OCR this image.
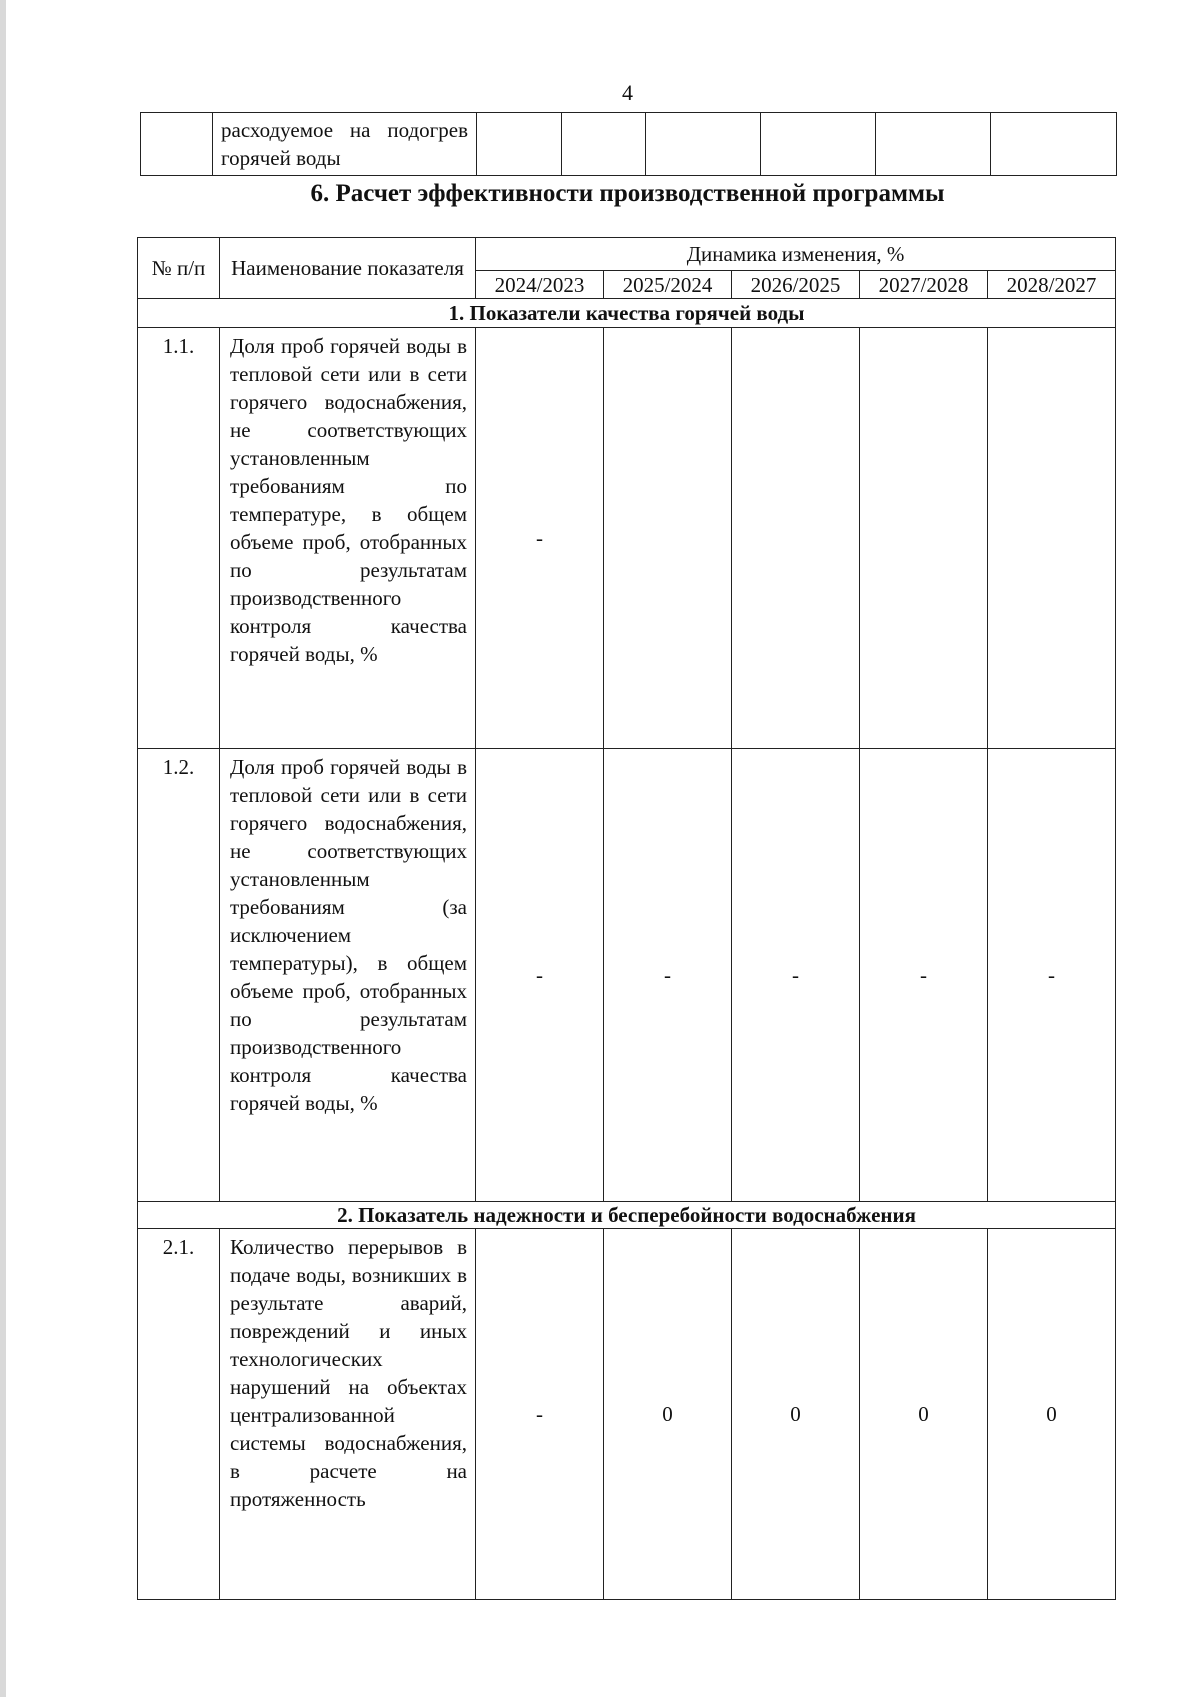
4
	расходуемое на подогрев горячей воды						
6. Расчет эффективности производственной программы
№ п/п	Наименование показателя	Динамика изменения, %				
		2024/2023	2025/2024	2026/2025	2027/2028	2028/2027
1. Показатели качества горячей воды						
1.1.	Доля проб горячей воды в тепловой сети или в сети горячего водоснабжения, не соответствующих установленным требованиям по температуре, в общем объеме проб, отобранных по результатам производственного контроля качества горячей воды, %	-				
1.2.	Доля проб горячей воды в тепловой сети или в сети горячего водоснабжения, не соответствующих установленным требованиям (за исключением температуры), в общем объеме проб, отобранных по результатам производственного контроля качества горячей воды, %	-	-	-	-	-
2. Показатель надежности и бесперебойности водоснабжения						
2.1.	Количество перерывов в подаче воды, возникших в результате аварий, повреждений и иных технологических нарушений на объектах централизованной системы водоснабжения, в расчете на протяженность	-	0	0	0	0
